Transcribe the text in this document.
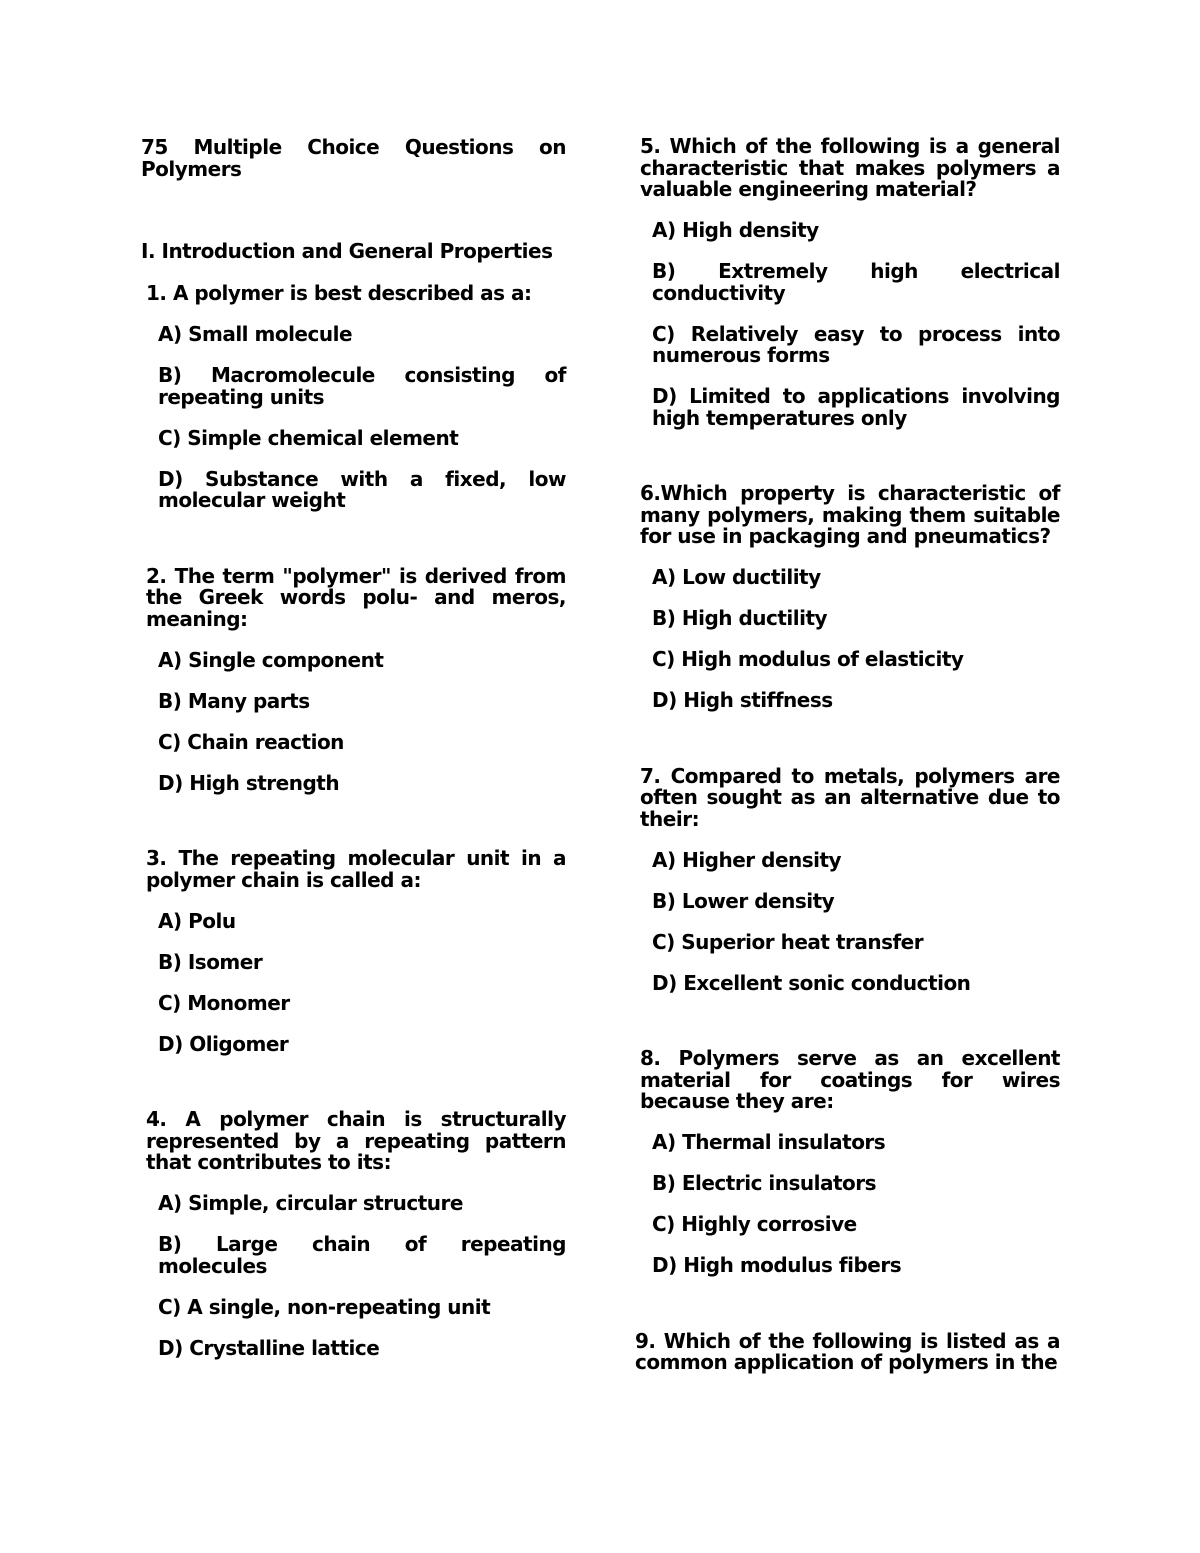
75 Multiple Choice Questions on Polymers
I. Introduction and General Properties
1. A polymer is best described as a:
A) Small molecule
B) Macromolecule consisting of repeating units
C) Simple chemical element
D) Substance with a fixed, low molecular weight
2. The term "polymer" is derived from the Greek words polu- and meros, meaning:
A) Single component
B) Many parts
C) Chain reaction
D) High strength
3. The repeating molecular unit in a polymer chain is called a:
A) Polu
B) Isomer
C) Monomer
D) Oligomer
4. A polymer chain is structurally represented by a repeating pattern that contributes to its:
A) Simple, circular structure
B) Large chain of repeating molecules
C) A single, non-repeating unit
D) Crystalline lattice
5. Which of the following is a general characteristic that makes polymers a valuable engineering material?
A) High density
B) Extremely high electrical conductivity
C) Relatively easy to process into numerous forms
D) Limited to applications involving high temperatures only
6.Which property is characteristic of many polymers, making them suitable for use in packaging and pneumatics?
A) Low ductility
B) High ductility
C) High modulus of elasticity
D) High stiffness
7. Compared to metals, polymers are often sought as an alternative due to their:
A) Higher density
B) Lower density
C) Superior heat transfer
D) Excellent sonic conduction
8. Polymers serve as an excellent material for coatings for wires because they are:
A) Thermal insulators
B) Electric insulators
C) Highly corrosive
D) High modulus fibers
9. Which of the following is listed as a common application of polymers in the
